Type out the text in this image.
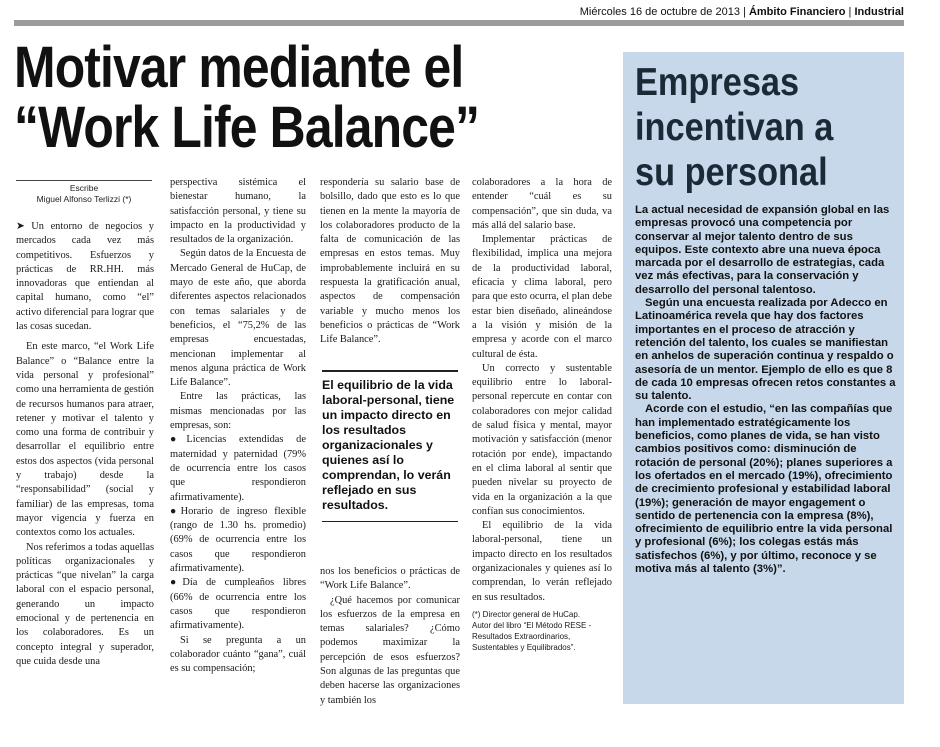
Miércoles 16 de octubre de 2013 | Ámbito Financiero | Industrial
Motivar mediante el
“Work Life Balance”
Escribe
Miguel Alfonso Terlizzi (*)

➤ Un entorno de negocios y mercados cada vez más competitivos. Esfuerzos y prácticas de RR.HH. más innovadoras que entiendan al capital humano, como “el” activo diferencial para lograr que las cosas sucedan.

En este marco, “el Work Life Balance” o “Balance entre la vida personal y profesional” como una herramienta de gestión de recursos humanos para atraer, retener y motivar el talento y como una forma de contribuir y desarrollar el equilibrio entre estos dos aspectos (vida personal y trabajo) desde la “responsabilidad” (social y familiar) de las empresas, toma mayor vigencia y fuerza en contextos como los actuales.

Nos referimos a todas aquellas políticas organizacionales y prácticas “que nivelan” la carga laboral con el espacio personal, generando un impacto emocional y de pertenencia en los colaboradores. Es un concepto integral y superador, que cuida desde una

perspectiva sistémica el bienestar humano, la satisfacción personal, y tiene su impacto en la productividad y resultados de la organización.

Según datos de la Encuesta de Mercado General de HuCap, de mayo de este año, que aborda diferentes aspectos relacionados con temas salariales y de beneficios, el “75,2% de las empresas encuestadas, mencionan implementar al menos alguna práctica de Work Life Balance”.

Entre las prácticas, las mismas mencionadas por las empresas, son:

●Licencias extendidas de maternidad y paternidad (79% de ocurrencia entre los casos que respondieron afirmativamente).

●Horario de ingreso flexible (rango de 1.30 hs. promedio) (69% de ocurrencia entre los casos que respondieron afirmativamente).

●Día de cumpleaños libres (66% de ocurrencia entre los casos que respondieron afirmativamente).

Si se pregunta a un colaborador cuánto “gana”, cuál es su compensación;

respondería su salario base de bolsillo, dado que esto es lo que tienen en la mente la mayoría de los colaboradores producto de la falta de comunicación de las empresas en estos temas. Muy improbablemente incluirá en su respuesta la gratificación anual, aspectos de compensación variable y mucho menos los beneficios o prácticas de “Work Life Balance”.

El equilibrio de la vida laboral-personal, tiene un impacto directo en los resultados organizacionales y quienes así lo comprendan, lo verán reflejado en sus resultados.

nos los beneficios o prácticas de “Work Life Balance”.

¿Qué hacemos por comunicar los esfuerzos de la empresa en temas salariales? ¿Cómo podemos maximizar la percepción de esos esfuerzos? Son algunas de las preguntas que deben hacerse las organizaciones y también los

colaboradores a la hora de entender “cuál es su compensación”, que sin duda, va más allá del salario base.

Implementar prácticas de flexibilidad, implica una mejora de la productividad laboral, eficacia y clima laboral, pero para que esto ocurra, el plan debe estar bien diseñado, alineándose a la visión y misión de la empresa y acorde con el marco cultural de ésta.

Un correcto y sustentable equilibrio entre lo laboral-personal repercute en contar con colaboradores con mejor calidad de salud física y mental, mayor motivación y satisfacción (menor rotación por ende), impactando en el clima laboral al sentir que pueden nivelar su proyecto de vida en la organización a la que confían sus conocimientos.

El equilibrio de la vida laboral-personal, tiene un impacto directo en los resultados organizacionales y quienes así lo comprendan, lo verán reflejado en sus resultados.

(*) Director general de HuCap.
Autor del libro “El Método RESE - Resultados Extraordinarios, Sustentables y Equilibrados”.
Empresas incentivan a su personal

La actual necesidad de expansión global en las empresas provocó una competencia por conservar al mejor talento dentro de sus equipos. Este contexto abre una nueva época marcada por el desarrollo de estrategias, cada vez más efectivas, para la conservación y desarrollo del personal talentoso.

Según una encuesta realizada por Adecco en Latinoamérica revela que hay dos factores importantes en el proceso de atracción y retención del talento, los cuales se manifiestan en anhelos de superación continua y respaldo o asesoría de un mentor. Ejemplo de ello es que 8 de cada 10 empresas ofrecen retos constantes a su talento.

Acorde con el estudio, “en las compañías que han implementado estratégicamente los beneficios, como planes de vida, se han visto cambios positivos como: disminución de rotación de personal (20%); planes superiores a los ofertados en el mercado (19%), ofrecimiento de crecimiento profesional y estabilidad laboral (19%); generación de mayor engagement o sentido de pertenencia con la empresa (8%), ofrecimiento de equilibrio entre la vida personal y profesional (6%); los colegas estás más satisfechos (6%), y por último, reconoce y se motiva más al talento (3%)”.
